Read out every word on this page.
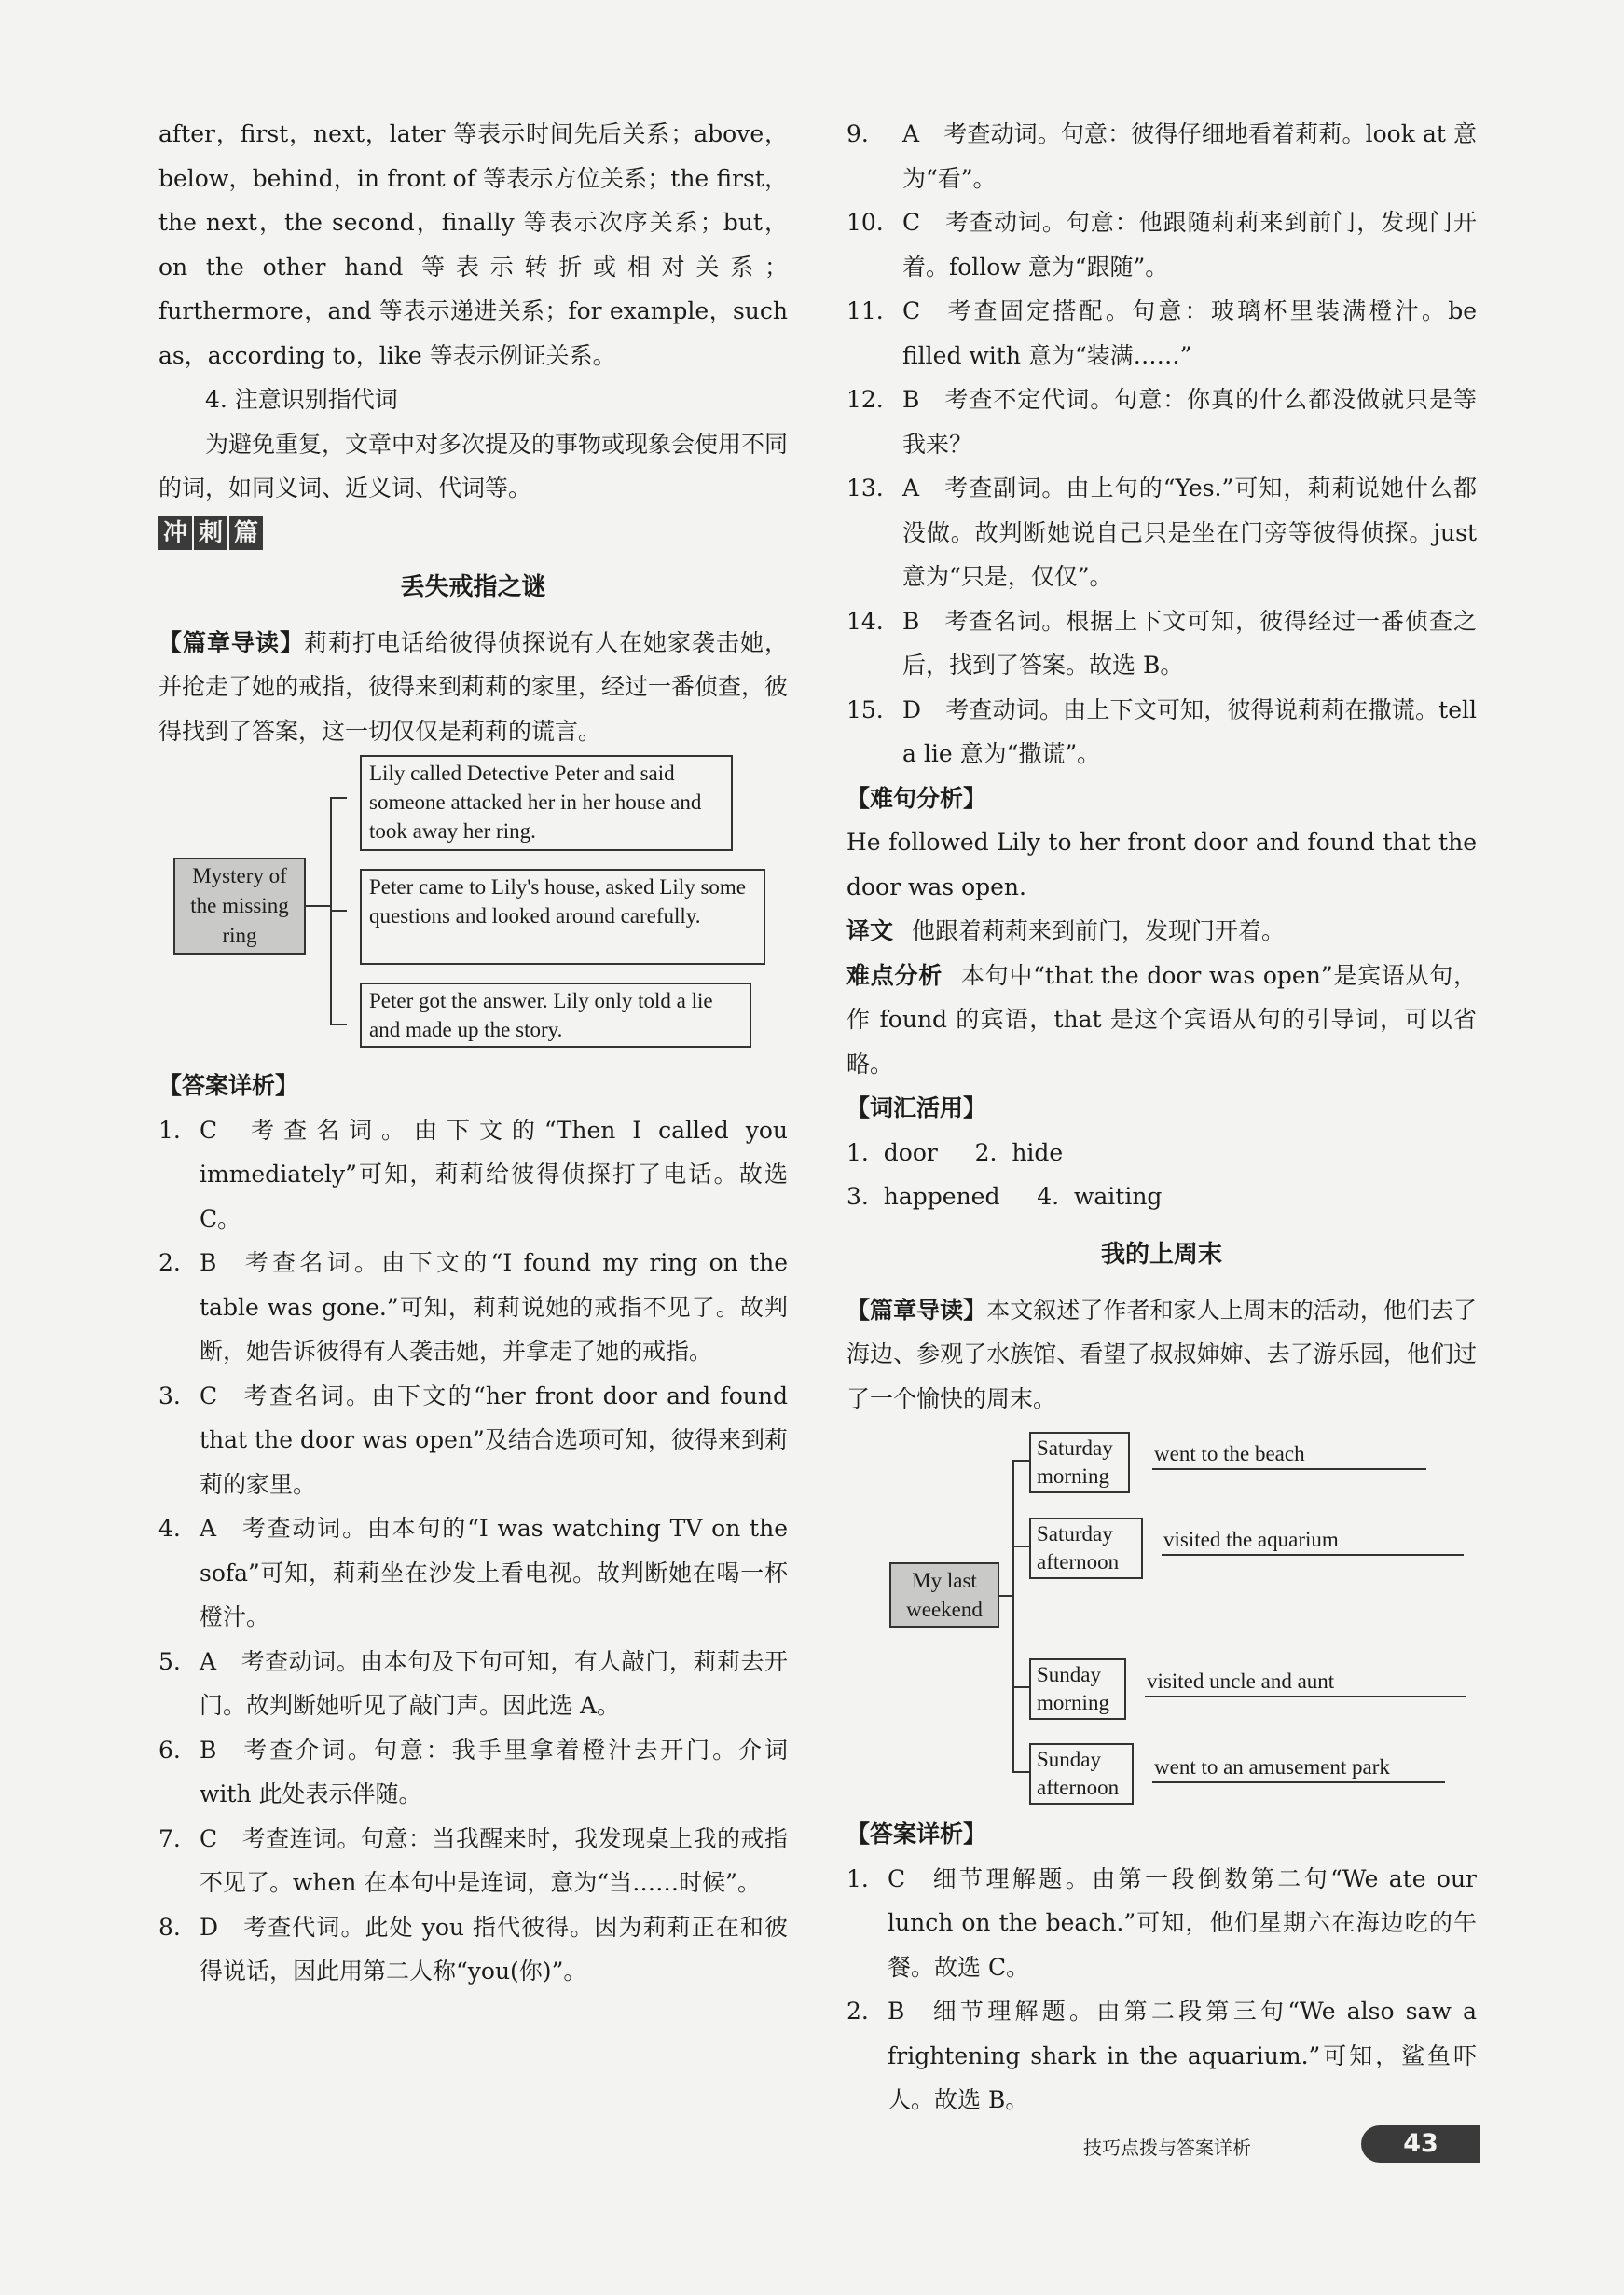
after，first，next，later 等表示时间先后关系；above，below，behind，in front of 等表示方位关系；the first，the next，the second，finally 等表示次序关系；but，on the other hand 等表示转折或相对关系；furthermore，and 等表示递进关系；for example，such as，according to，like 等表示例证关系。

4. 注意识别指代词

为避免重复，文章中对多次提及的事物或现象会使用不同的词，如同义词、近义词、代词等。

冲 刺 篇
丢失戒指之谜

【篇章导读】莉莉打电话给彼得侦探说有人在她家袭击她，并抢走了她的戒指，彼得来到莉莉的家里，经过一番侦查，彼得找到了答案，这一切仅仅是莉莉的谎言。

Mystery of the missing ring
Lily called Detective Peter and said someone attacked her in her house and took away her ring.
Peter came to Lily's house, asked Lily some questions and looked around carefully.
Peter got the answer. Lily only told a lie and made up the story.
【答案详析】
1. C 考查名词。由下文的“Then I called you immediately”可知，莉莉给彼得侦探打了电话。故选 C。
2. B 考查名词。由下文的“I found my ring on the table was gone.”可知，莉莉说她的戒指不见了。故判断，她告诉彼得有人袭击她，并拿走了她的戒指。
3. C 考查名词。由下文的“her front door and found that the door was open”及结合选项可知，彼得来到莉莉的家里。
4. A 考查动词。由本句的“I was watching TV on the sofa”可知，莉莉坐在沙发上看电视。故判断她在喝一杯橙汁。
5. A 考查动词。由本句及下句可知，有人敲门，莉莉去开门。故判断她听见了敲门声。因此选 A。
6. B 考查介词。句意：我手里拿着橙汁去开门。介词 with 此处表示伴随。
7. C 考查连词。句意：当我醒来时，我发现桌上我的戒指不见了。when 在本句中是连词，意为“当……时候”。
8. D 考查代词。此处 you 指代彼得。因为莉莉正在和彼得说话，因此用第二人称“you(你)”。
9.	A 考查动词。句意：彼得仔细地看着莉莉。look at 意为“看”。
10. C 考查动词。句意：他跟随莉莉来到前门，发现门开着。follow 意为“跟随”。
11. C 考查固定搭配。句意：玻璃杯里装满橙汁。be filled with 意为“装满……”
12. B 考查不定代词。句意：你真的什么都没做就只是等我来？
13. A 考查副词。由上句的“Yes.”可知，莉莉说她什么都没做。故判断她说自己只是坐在门旁等彼得侦探。just 意为“只是，仅仅”。
14. B 考查名词。根据上下文可知，彼得经过一番侦查之后，找到了答案。故选 B。
15. D 考查动词。由上下文可知，彼得说莉莉在撒谎。tell a lie 意为“撒谎”。
【难句分析】

He followed Lily to her front door and found that the door was open.

译文 他跟着莉莉来到前门，发现门开着。

难点分析 本句中“that the door was open”是宾语从句，作 found 的宾语，that 是这个宾语从句的引导词，可以省略。

【词汇活用】

1. door 2. hide

3. happened 4. waiting

我的上周末

【篇章导读】本文叙述了作者和家人上周末的活动，他们去了海边、参观了水族馆、看望了叔叔婶婶、去了游乐园，他们过了一个愉快的周末。

My last weekend
Saturday morning
went to the beach
Saturday afternoon
visited the aquarium
Sunday morning
visited uncle and aunt
Sunday afternoon
went to an amusement park
【答案详析】
1. C 细节理解题。由第一段倒数第二句“We ate our lunch on the beach.”可知，他们星期六在海边吃的午餐。故选 C。
2. B 细节理解题。由第二段第三句“We also saw a frightening shark in the aquarium.”可知，鲨鱼吓人。故选 B。
技巧点拨与答案详析	43
